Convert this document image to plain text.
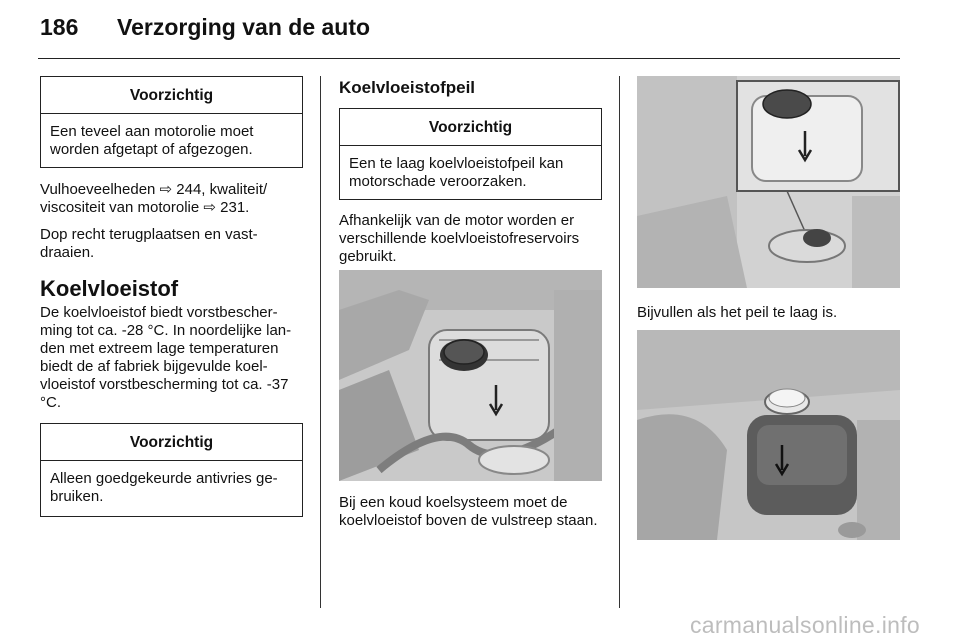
186 Verzorging van de auto
Voorzichtig
Een teveel aan motorolie moet worden afgetapt of afgezogen.

Vulhoeveelheden ⇨ 244, kwaliteit/ viscositeit van motorolie ⇨ 231.

Dop recht terugplaatsen en vast-draaien.

Koelvloeistof

De koelvloeistof biedt vorstbescher-ming tot ca. -28 °C. In noordelijke lan-den met extreem lage temperaturen biedt de af fabriek bijgevulde koel-vloeistof vorstbescherming tot ca. -37 °C.

Voorzichtig
Alleen goedgekeurde antivries ge-bruiken.
Koelvloeistofpeil
Voorzichtig
Een te laag koelvloeistofpeil kan motorschade veroorzaken.

Afhankelijk van de motor worden er verschillende koelvloeistofreservoirs gebruikt.

Bij een koud koelsysteem moet de koelvloeistof boven de vulstreep staan.

Bijvullen als het peil te laag is.

carmanualsonline.info
